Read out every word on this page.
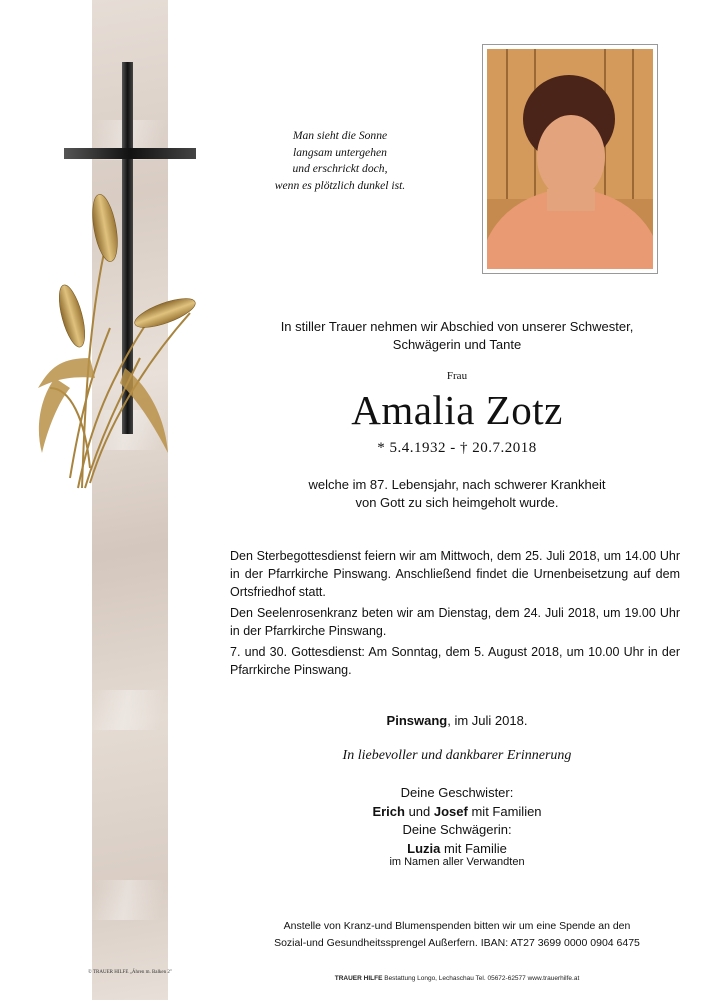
Man sieht die Sonne
langsam untergehen
und erschrickt doch,
wenn es plötzlich dunkel ist.
In stiller Trauer nehmen wir Abschied von unserer Schwester,
Schwägerin und Tante
Frau
Amalia Zotz
* 5.4.1932 - † 20.7.2018
welche im 87. Lebensjahr, nach schwerer Krankheit
von Gott zu sich heimgeholt wurde.
Den Sterbegottesdienst feiern wir am Mittwoch, dem 25. Juli 2018, um 14.00 Uhr in der Pfarrkirche Pinswang. Anschließend findet die Urnenbeisetzung auf dem Ortsfriedhof statt.
Den Seelenrosenkranz beten wir am Dienstag, dem 24. Juli 2018, um 19.00 Uhr in der Pfarrkirche Pinswang.
7. und 30. Gottesdienst: Am Sonntag, dem 5. August 2018, um 10.00 Uhr in der Pfarrkirche Pinswang.
Pinswang, im Juli 2018.
In liebevoller und dankbarer Erinnerung
Deine Geschwister:
Erich und Josef mit Familien
Deine Schwägerin:
Luzia mit Familie
im Namen aller Verwandten
Anstelle von Kranz-und Blumenspenden bitten wir um eine Spende an den
Sozial-und Gesundheitssprengel Außerfern. IBAN: AT27 3699 0000 0904 6475
© TRAUER HILFE „Ähren m. Balken 2"
TRAUER HILFE Bestattung Longo, Lechaschau Tel. 05672-62577 www.trauerhilfe.at
